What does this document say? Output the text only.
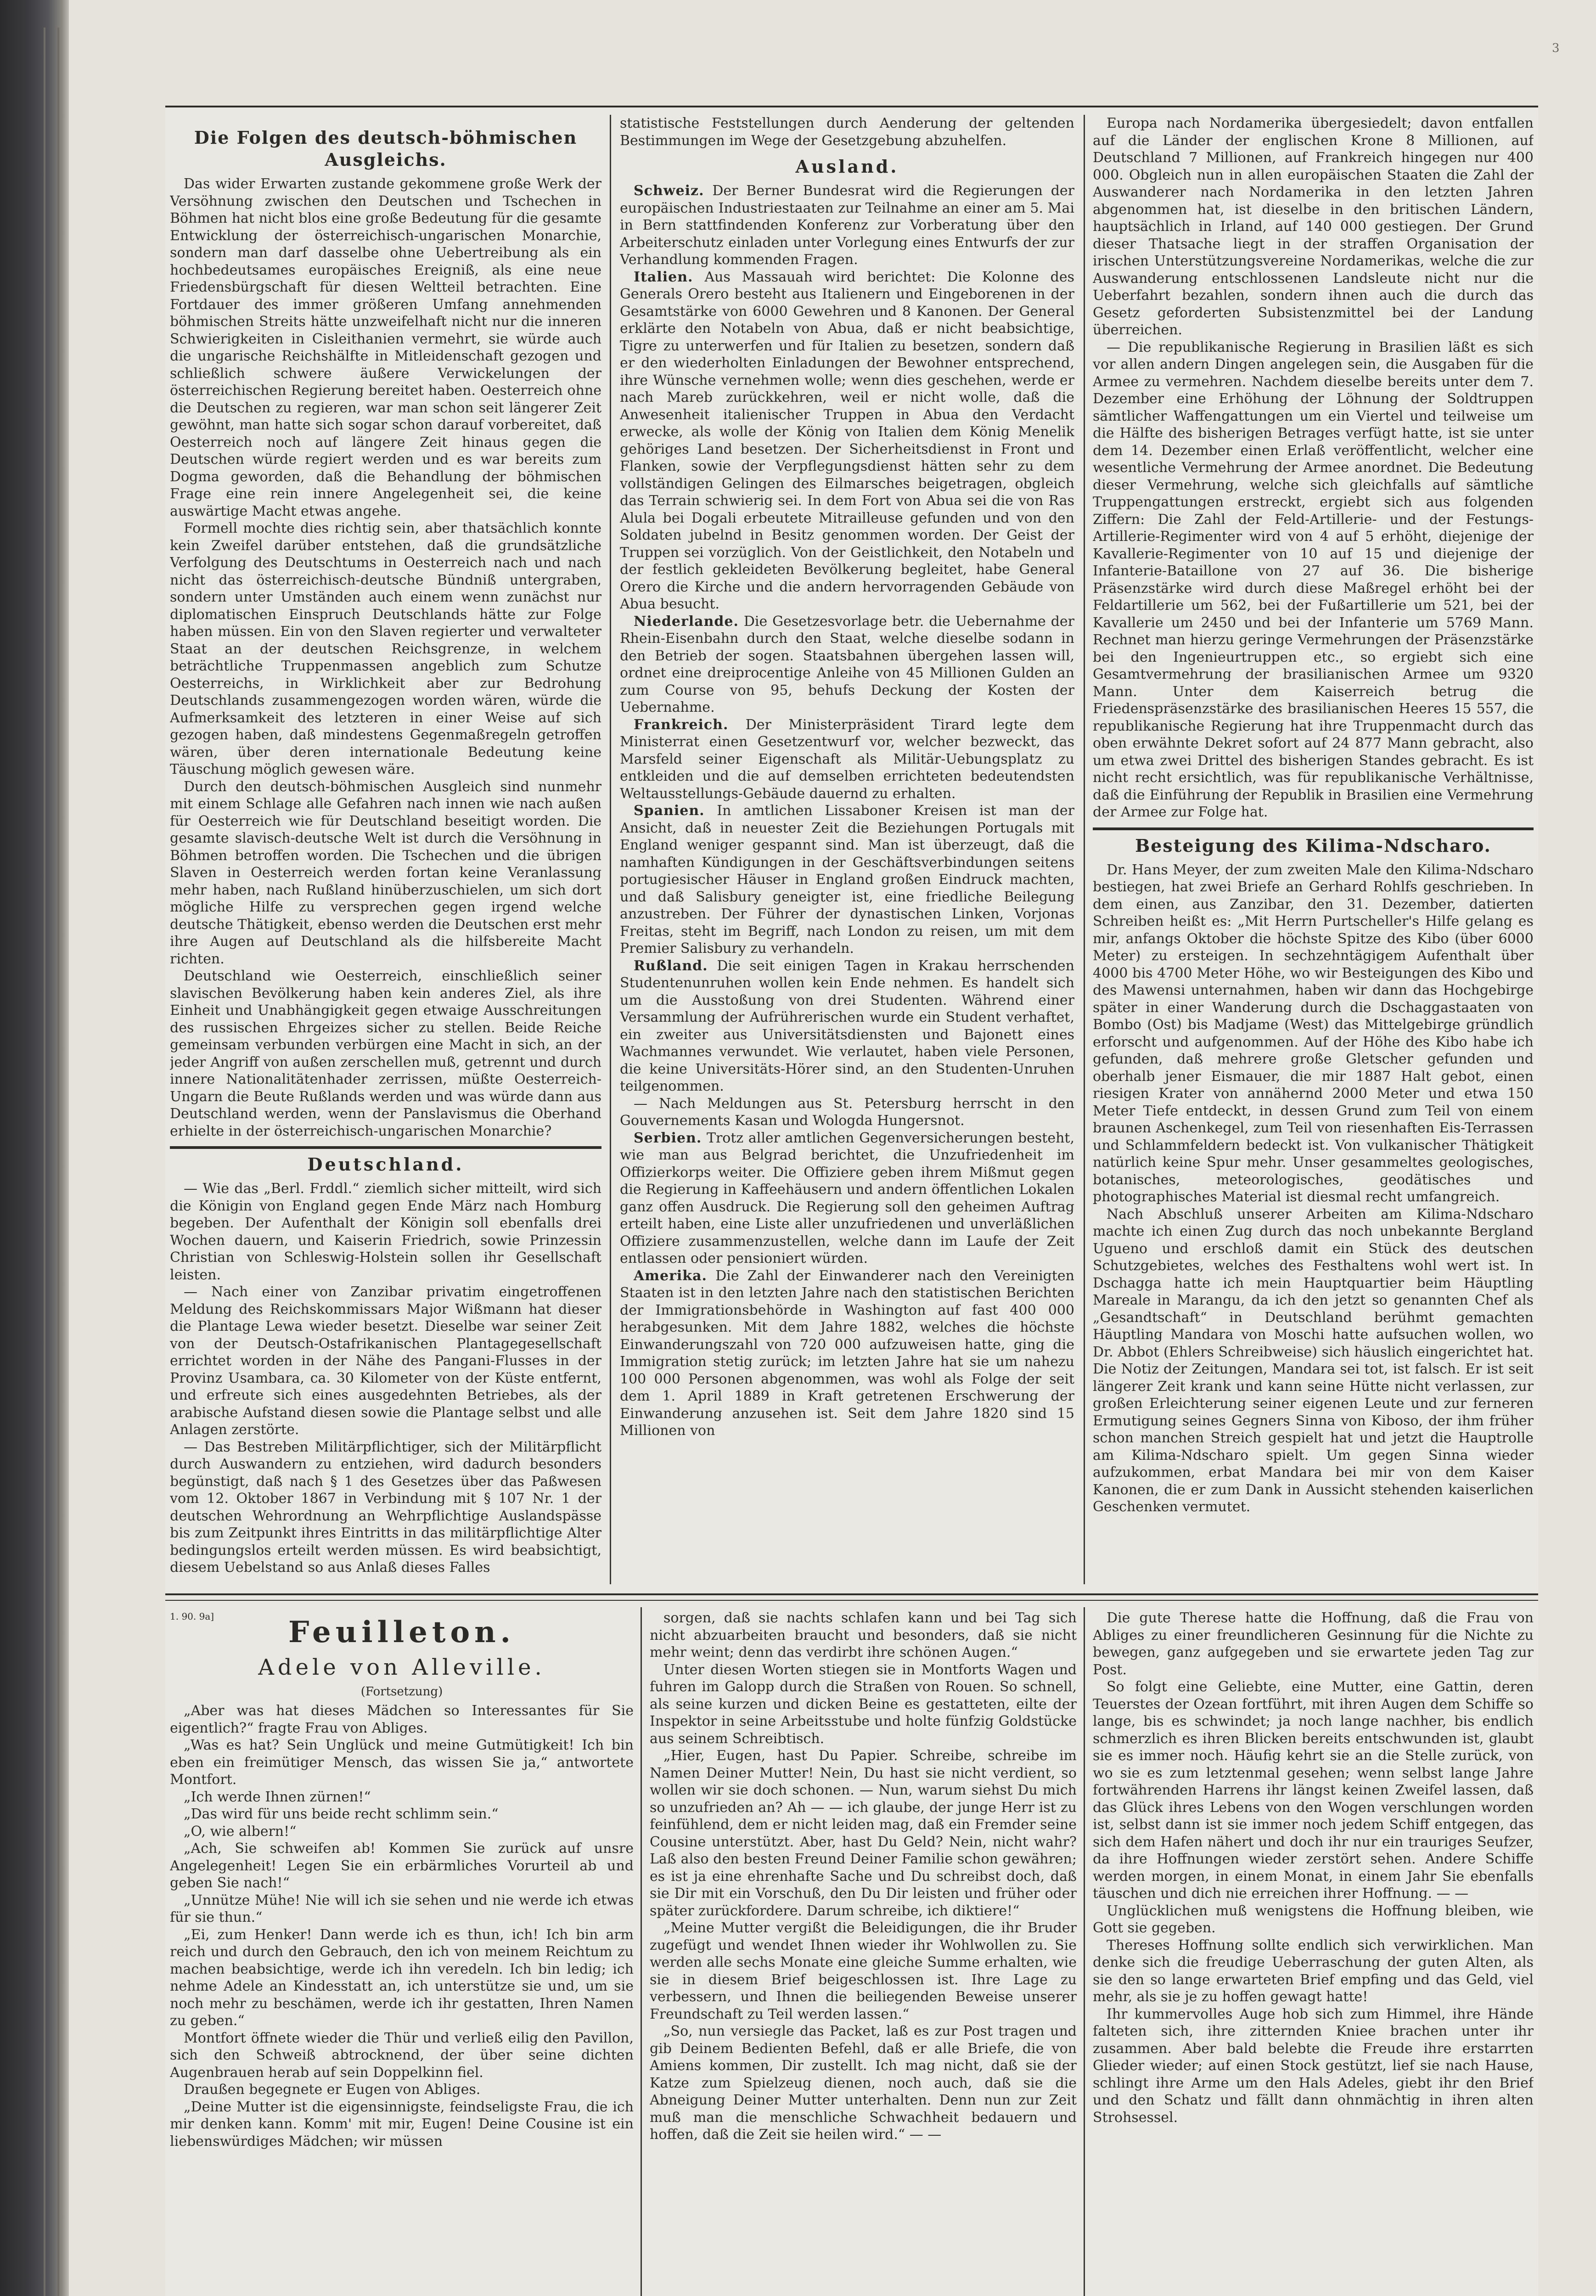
3
Die Folgen des deutsch-böhmischen Ausgleichs.

Das wider Erwarten zustande gekommene große Werk der Versöhnung zwischen den Deutschen und Tschechen in Böhmen hat nicht blos eine große Bedeutung für die gesamte Entwicklung der österreichisch-ungarischen Monarchie, sondern man darf dasselbe ohne Uebertreibung als ein hochbedeutsames europäisches Ereigniß, als eine neue Friedensbürgschaft für diesen Weltteil betrachten. Eine Fortdauer des immer größeren Umfang annehmenden böhmischen Streits hätte unzweifelhaft nicht nur die inneren Schwierigkeiten in Cisleithanien vermehrt, sie würde auch die ungarische Reichshälfte in Mitleidenschaft gezogen und schließlich schwere äußere Verwickelungen der österreichischen Regierung bereitet haben. Oesterreich ohne die Deutschen zu regieren, war man schon seit längerer Zeit gewöhnt, man hatte sich sogar schon darauf vorbereitet, daß Oesterreich noch auf längere Zeit hinaus gegen die Deutschen würde regiert werden und es war bereits zum Dogma geworden, daß die Behandlung der böhmischen Frage eine rein innere Angelegenheit sei, die keine auswärtige Macht etwas angehe.

Formell mochte dies richtig sein, aber thatsächlich konnte kein Zweifel darüber entstehen, daß die grundsätzliche Verfolgung des Deutschtums in Oesterreich nach und nach nicht das österreichisch-deutsche Bündniß untergraben, sondern unter Umständen auch einem wenn zunächst nur diplomatischen Einspruch Deutschlands hätte zur Folge haben müssen. Ein von den Slaven regierter und verwalteter Staat an der deutschen Reichsgrenze, in welchem beträchtliche Truppenmassen angeblich zum Schutze Oesterreichs, in Wirklichkeit aber zur Bedrohung Deutschlands zusammengezogen worden wären, würde die Aufmerksamkeit des letzteren in einer Weise auf sich gezogen haben, daß mindestens Gegenmaßregeln getroffen wären, über deren internationale Bedeutung keine Täuschung möglich gewesen wäre.

Durch den deutsch-böhmischen Ausgleich sind nunmehr mit einem Schlage alle Gefahren nach innen wie nach außen für Oesterreich wie für Deutschland beseitigt worden. Die gesamte slavisch-deutsche Welt ist durch die Versöhnung in Böhmen betroffen worden. Die Tschechen und die übrigen Slaven in Oesterreich werden fortan keine Veranlassung mehr haben, nach Rußland hinüberzuschielen, um sich dort mögliche Hilfe zu versprechen gegen irgend welche deutsche Thätigkeit, ebenso werden die Deutschen erst mehr ihre Augen auf Deutschland als die hilfsbereite Macht richten.

Deutschland wie Oesterreich, einschließlich seiner slavischen Bevölkerung haben kein anderes Ziel, als ihre Einheit und Unabhängigkeit gegen etwaige Ausschreitungen des russischen Ehrgeizes sicher zu stellen. Beide Reiche gemeinsam verbunden verbürgen eine Macht in sich, an der jeder Angriff von außen zerschellen muß, getrennt und durch innere Nationalitätenhader zerrissen, müßte Oesterreich-Ungarn die Beute Rußlands werden und was würde dann aus Deutschland werden, wenn der Panslavismus die Oberhand erhielte in der österreichisch-ungarischen Monarchie?

Deutschland.

— Wie das „Berl. Frddl.“ ziemlich sicher mitteilt, wird sich die Königin von England gegen Ende März nach Homburg begeben. Der Aufenthalt der Königin soll ebenfalls drei Wochen dauern, und Kaiserin Friedrich, sowie Prinzessin Christian von Schleswig-Holstein sollen ihr Gesellschaft leisten.

— Nach einer von Zanzibar privatim eingetroffenen Meldung des Reichskommissars Major Wißmann hat dieser die Plantage Lewa wieder besetzt. Dieselbe war seiner Zeit von der Deutsch-Ostafrikanischen Plantagegesellschaft errichtet worden in der Nähe des Pangani-Flusses in der Provinz Usambara, ca. 30 Kilometer von der Küste entfernt, und erfreute sich eines ausgedehnten Betriebes, als der arabische Aufstand diesen sowie die Plantage selbst und alle Anlagen zerstörte.

— Das Bestreben Militärpflichtiger, sich der Militärpflicht durch Auswandern zu entziehen, wird dadurch besonders begünstigt, daß nach § 1 des Gesetzes über das Paßwesen vom 12. Oktober 1867 in Verbindung mit § 107 Nr. 1 der deutschen Wehrordnung an Wehrpflichtige Auslandspässe bis zum Zeitpunkt ihres Eintritts in das militärpflichtige Alter bedingungslos erteilt werden müssen. Es wird beabsichtigt, diesem Uebelstand so aus Anlaß dieses Falles

statistische Feststellungen durch Aenderung der geltenden Bestimmungen im Wege der Gesetzgebung abzuhelfen.

Ausland.

Schweiz. Der Berner Bundesrat wird die Regierungen der europäischen Industriestaaten zur Teilnahme an einer am 5. Mai in Bern stattfindenden Konferenz zur Vorberatung über den Arbeiterschutz einladen unter Vorlegung eines Entwurfs der zur Verhandlung kommenden Fragen.

Italien. Aus Massauah wird berichtet: Die Kolonne des Generals Orero besteht aus Italienern und Eingeborenen in der Gesamtstärke von 6000 Gewehren und 8 Kanonen. Der General erklärte den Notabeln von Abua, daß er nicht beabsichtige, Tigre zu unterwerfen und für Italien zu besetzen, sondern daß er den wiederholten Einladungen der Bewohner entsprechend, ihre Wünsche vernehmen wolle; wenn dies geschehen, werde er nach Mareb zurückkehren, weil er nicht wolle, daß die Anwesenheit italienischer Truppen in Abua den Verdacht erwecke, als wolle der König von Italien dem König Menelik gehöriges Land besetzen. Der Sicherheitsdienst in Front und Flanken, sowie der Verpflegungsdienst hätten sehr zu dem vollständigen Gelingen des Eilmarsches beigetragen, obgleich das Terrain schwierig sei. In dem Fort von Abua sei die von Ras Alula bei Dogali erbeutete Mitrailleuse gefunden und von den Soldaten jubelnd in Besitz genommen worden. Der Geist der Truppen sei vorzüglich. Von der Geistlichkeit, den Notabeln und der festlich gekleideten Bevölkerung begleitet, habe General Orero die Kirche und die andern hervorragenden Gebäude von Abua besucht.

Niederlande. Die Gesetzesvorlage betr. die Uebernahme der Rhein-Eisenbahn durch den Staat, welche dieselbe sodann in den Betrieb der sogen. Staatsbahnen übergehen lassen will, ordnet eine dreiprocentige Anleihe von 45 Millionen Gulden an zum Course von 95, behufs Deckung der Kosten der Uebernahme.

Frankreich. Der Ministerpräsident Tirard legte dem Ministerrat einen Gesetzentwurf vor, welcher bezweckt, das Marsfeld seiner Eigenschaft als Militär-Uebungsplatz zu entkleiden und die auf demselben errichteten bedeutendsten Weltausstellungs-Gebäude dauernd zu erhalten.

Spanien. In amtlichen Lissaboner Kreisen ist man der Ansicht, daß in neuester Zeit die Beziehungen Portugals mit England weniger gespannt sind. Man ist überzeugt, daß die namhaften Kündigungen in der Geschäftsverbindungen seitens portugiesischer Häuser in England großen Eindruck machten, und daß Salisbury geneigter ist, eine friedliche Beilegung anzustreben. Der Führer der dynastischen Linken, Vorjonas Freitas, steht im Begriff, nach London zu reisen, um mit dem Premier Salisbury zu verhandeln.

Rußland. Die seit einigen Tagen in Krakau herrschenden Studentenunruhen wollen kein Ende nehmen. Es handelt sich um die Ausstoßung von drei Studenten. Während einer Versammlung der Aufrührerischen wurde ein Student verhaftet, ein zweiter aus Universitätsdiensten und Bajonett eines Wachmannes verwundet. Wie verlautet, haben viele Personen, die keine Universitäts-Hörer sind, an den Studenten-Unruhen teilgenommen.

— Nach Meldungen aus St. Petersburg herrscht in den Gouvernements Kasan und Wologda Hungersnot.

Serbien. Trotz aller amtlichen Gegenversicherungen besteht, wie man aus Belgrad berichtet, die Unzufriedenheit im Offizierkorps weiter. Die Offiziere geben ihrem Mißmut gegen die Regierung in Kaffeehäusern und andern öffentlichen Lokalen ganz offen Ausdruck. Die Regierung soll den geheimen Auftrag erteilt haben, eine Liste aller unzufriedenen und unverläßlichen Offiziere zusammenzustellen, welche dann im Laufe der Zeit entlassen oder pensioniert würden.

Amerika. Die Zahl der Einwanderer nach den Vereinigten Staaten ist in den letzten Jahre nach den statistischen Berichten der Immigrationsbehörde in Washington auf fast 400 000 herabgesunken. Mit dem Jahre 1882, welches die höchste Einwanderungszahl von 720 000 aufzuweisen hatte, ging die Immigration stetig zurück; im letzten Jahre hat sie um nahezu 100 000 Personen abgenommen, was wohl als Folge der seit dem 1. April 1889 in Kraft getretenen Erschwerung der Einwanderung anzusehen ist. Seit dem Jahre 1820 sind 15 Millionen von

Europa nach Nordamerika übergesiedelt; davon entfallen auf die Länder der englischen Krone 8 Millionen, auf Deutschland 7 Millionen, auf Frankreich hingegen nur 400 000. Obgleich nun in allen europäischen Staaten die Zahl der Auswanderer nach Nordamerika in den letzten Jahren abgenommen hat, ist dieselbe in den britischen Ländern, hauptsächlich in Irland, auf 140 000 gestiegen. Der Grund dieser Thatsache liegt in der straffen Organisation der irischen Unterstützungsvereine Nordamerikas, welche die zur Auswanderung entschlossenen Landsleute nicht nur die Ueberfahrt bezahlen, sondern ihnen auch die durch das Gesetz geforderten Subsistenzmittel bei der Landung überreichen.

— Die republikanische Regierung in Brasilien läßt es sich vor allen andern Dingen angelegen sein, die Ausgaben für die Armee zu vermehren. Nachdem dieselbe bereits unter dem 7. Dezember eine Erhöhung der Löhnung der Soldtruppen sämtlicher Waffengattungen um ein Viertel und teilweise um die Hälfte des bisherigen Betrages verfügt hatte, ist sie unter dem 14. Dezember einen Erlaß veröffentlicht, welcher eine wesentliche Vermehrung der Armee anordnet. Die Bedeutung dieser Vermehrung, welche sich gleichfalls auf sämtliche Truppengattungen erstreckt, ergiebt sich aus folgenden Ziffern: Die Zahl der Feld-Artillerie- und der Festungs-Artillerie-Regimenter wird von 4 auf 5 erhöht, diejenige der Kavallerie-Regimenter von 10 auf 15 und diejenige der Infanterie-Bataillone von 27 auf 36. Die bisherige Präsenzstärke wird durch diese Maßregel erhöht bei der Feldartillerie um 562, bei der Fußartillerie um 521, bei der Kavallerie um 2450 und bei der Infanterie um 5769 Mann. Rechnet man hierzu geringe Vermehrungen der Präsenzstärke bei den Ingenieurtruppen etc., so ergiebt sich eine Gesamtvermehrung der brasilianischen Armee um 9320 Mann. Unter dem Kaiserreich betrug die Friedenspräsenzstärke des brasilianischen Heeres 15 557, die republikanische Regierung hat ihre Truppenmacht durch das oben erwähnte Dekret sofort auf 24 877 Mann gebracht, also um etwa zwei Drittel des bisherigen Standes gebracht. Es ist nicht recht ersichtlich, was für republikanische Verhältnisse, daß die Einführung der Republik in Brasilien eine Vermehrung der Armee zur Folge hat.

Besteigung des Kilima-Ndscharo.

Dr. Hans Meyer, der zum zweiten Male den Kilima-Ndscharo bestiegen, hat zwei Briefe an Gerhard Rohlfs geschrieben. In dem einen, aus Zanzibar, den 31. Dezember, datierten Schreiben heißt es: „Mit Herrn Purtscheller's Hilfe gelang es mir, anfangs Oktober die höchste Spitze des Kibo (über 6000 Meter) zu ersteigen. In sechzehntägigem Aufenthalt über 4000 bis 4700 Meter Höhe, wo wir Besteigungen des Kibo und des Mawensi unternahmen, haben wir dann das Hochgebirge später in einer Wanderung durch die Dschaggastaaten von Bombo (Ost) bis Madjame (West) das Mittelgebirge gründlich erforscht und aufgenommen. Auf der Höhe des Kibo habe ich gefunden, daß mehrere große Gletscher gefunden und oberhalb jener Eismauer, die mir 1887 Halt gebot, einen riesigen Krater von annähernd 2000 Meter und etwa 150 Meter Tiefe entdeckt, in dessen Grund zum Teil von einem braunen Aschenkegel, zum Teil von riesenhaften Eis-Terrassen und Schlammfeldern bedeckt ist. Von vulkanischer Thätigkeit natürlich keine Spur mehr. Unser gesammeltes geologisches, botanisches, meteorologisches, geodätisches und photographisches Material ist diesmal recht umfangreich.

Nach Abschluß unserer Arbeiten am Kilima-Ndscharo machte ich einen Zug durch das noch unbekannte Bergland Ugueno und erschloß damit ein Stück des deutschen Schutzgebietes, welches des Festhaltens wohl wert ist. In Dschagga hatte ich mein Hauptquartier beim Häuptling Mareale in Marangu, da ich den jetzt so genannten Chef als „Gesandtschaft“ in Deutschland berühmt gemachten Häuptling Mandara von Moschi hatte aufsuchen wollen, wo Dr. Abbot (Ehlers Schreibweise) sich häuslich eingerichtet hat. Die Notiz der Zeitungen, Mandara sei tot, ist falsch. Er ist seit längerer Zeit krank und kann seine Hütte nicht verlassen, zur großen Erleichterung seiner eigenen Leute und zur ferneren Ermutigung seines Gegners Sinna von Kiboso, der ihm früher schon manchen Streich gespielt hat und jetzt die Hauptrolle am Kilima-Ndscharo spielt. Um gegen Sinna wieder aufzukommen, erbat Mandara bei mir von dem Kaiser Kanonen, die er zum Dank in Aussicht stehenden kaiserlichen Geschenken vermutet.

1. 90. 9a]	Feuilleton.
Adele von Alleville.
(Fortsetzung)

„Aber was hat dieses Mädchen so Interessantes für Sie eigentlich?“ fragte Frau von Abliges.

„Was es hat? Sein Unglück und meine Gutmütigkeit! Ich bin eben ein freimütiger Mensch, das wissen Sie ja,“ antwortete Montfort.

„Ich werde Ihnen zürnen!“

„Das wird für uns beide recht schlimm sein.“

„O, wie albern!“

„Ach, Sie schweifen ab! Kommen Sie zurück auf unsre Angelegenheit! Legen Sie ein erbärmliches Vorurteil ab und geben Sie nach!“

„Unnütze Mühe! Nie will ich sie sehen und nie werde ich etwas für sie thun.“

„Ei, zum Henker! Dann werde ich es thun, ich! Ich bin arm reich und durch den Gebrauch, den ich von meinem Reichtum zu machen beabsichtige, werde ich ihn veredeln. Ich bin ledig; ich nehme Adele an Kindesstatt an, ich unterstütze sie und, um sie noch mehr zu beschämen, werde ich ihr gestatten, Ihren Namen zu geben.“

Montfort öffnete wieder die Thür und verließ eilig den Pavillon, sich den Schweiß abtrocknend, der über seine dichten Augenbrauen herab auf sein Doppelkinn fiel.

Draußen begegnete er Eugen von Abliges.

„Deine Mutter ist die eigensinnigste, feindseligste Frau, die ich mir denken kann. Komm' mit mir, Eugen! Deine Cousine ist ein liebenswürdiges Mädchen; wir müssen

sorgen, daß sie nachts schlafen kann und bei Tag sich nicht abzuarbeiten braucht und besonders, daß sie nicht mehr weint; denn das verdirbt ihre schönen Augen.“

Unter diesen Worten stiegen sie in Montforts Wagen und fuhren im Galopp durch die Straßen von Rouen. So schnell, als seine kurzen und dicken Beine es gestatteten, eilte der Inspektor in seine Arbeitsstube und holte fünfzig Goldstücke aus seinem Schreibtisch.

„Hier, Eugen, hast Du Papier. Schreibe, schreibe im Namen Deiner Mutter! Nein, Du hast sie nicht verdient, so wollen wir sie doch schonen. — Nun, warum siehst Du mich so unzufrieden an? Ah — — ich glaube, der junge Herr ist zu feinfühlend, dem er nicht leiden mag, daß ein Fremder seine Cousine unterstützt. Aber, hast Du Geld? Nein, nicht wahr? Laß also den besten Freund Deiner Familie schon gewähren; es ist ja eine ehrenhafte Sache und Du schreibst doch, daß sie Dir mit ein Vorschuß, den Du Dir leisten und früher oder später zurückfordere. Darum schreibe, ich diktiere!“

„Meine Mutter vergißt die Beleidigungen, die ihr Bruder zugefügt und wendet Ihnen wieder ihr Wohlwollen zu. Sie werden alle sechs Monate eine gleiche Summe erhalten, wie sie in diesem Brief beigeschlossen ist. Ihre Lage zu verbessern, und Ihnen die beiliegenden Beweise unserer Freundschaft zu Teil werden lassen.“

„So, nun versiegle das Packet, laß es zur Post tragen und gib Deinem Bedienten Befehl, daß er alle Briefe, die von Amiens kommen, Dir zustellt. Ich mag nicht, daß sie der Katze zum Spielzeug dienen, noch auch, daß sie die Abneigung Deiner Mutter unterhalten. Denn nun zur Zeit muß man die menschliche Schwachheit bedauern und hoffen, daß die Zeit sie heilen wird.“ — —

Die gute Therese hatte die Hoffnung, daß die Frau von Abliges zu einer freundlicheren Gesinnung für die Nichte zu bewegen, ganz aufgegeben und sie erwartete jeden Tag zur Post.

So folgt eine Geliebte, eine Mutter, eine Gattin, deren Teuerstes der Ozean fortführt, mit ihren Augen dem Schiffe so lange, bis es schwindet; ja noch lange nachher, bis endlich schmerzlich es ihren Blicken bereits entschwunden ist, glaubt sie es immer noch. Häufig kehrt sie an die Stelle zurück, von wo sie es zum letztenmal gesehen; wenn selbst lange Jahre fortwährenden Harrens ihr längst keinen Zweifel lassen, daß das Glück ihres Lebens von den Wogen verschlungen worden ist, selbst dann ist sie immer noch jedem Schiff entgegen, das sich dem Hafen nähert und doch ihr nur ein trauriges Seufzer, da ihre Hoffnungen wieder zerstört sehen. Andere Schiffe werden morgen, in einem Monat, in einem Jahr Sie ebenfalls täuschen und dich nie erreichen ihrer Hoffnung. — —

Unglücklichen muß wenigstens die Hoffnung bleiben, wie Gott sie gegeben.

Thereses Hoffnung sollte endlich sich verwirklichen. Man denke sich die freudige Ueberraschung der guten Alten, als sie den so lange erwarteten Brief empfing und das Geld, viel mehr, als sie je zu hoffen gewagt hatte!

Ihr kummervolles Auge hob sich zum Himmel, ihre Hände falteten sich, ihre zitternden Kniee brachen unter ihr zusammen. Aber bald belebte die Freude ihre erstarrten Glieder wieder; auf einen Stock gestützt, lief sie nach Hause, schlingt ihre Arme um den Hals Adeles, giebt ihr den Brief und den Schatz und fällt dann ohnmächtig in ihren alten Strohsessel.
